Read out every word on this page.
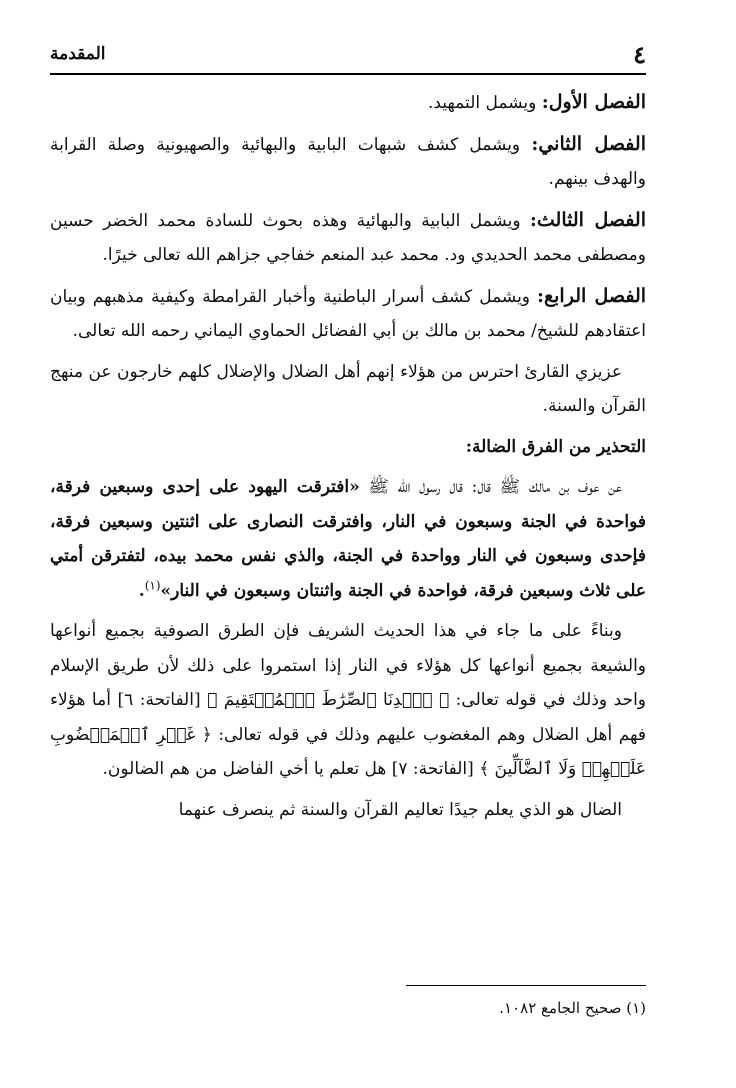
٤
المقدمة

الفصل الأول: ويشمل التمهيد.

الفصل الثاني: ويشمل كشف شبهات البابية والبهائية والصهيونية وصلة القرابة والهدف بينهم.

الفصل الثالث: ويشمل البابية والبهائية وهذه بحوث للسادة محمد الخضر حسين ومصطفى محمد الحديدي ود. محمد عبد المنعم خفاجي جزاهم الله تعالى خيرًا.

الفصل الرابع: ويشمل كشف أسرار الباطنية وأخبار القرامطة وكيفية مذهبهم وبيان اعتقادهم للشيخ/ محمد بن مالك بن أبي الفضائل الحماوي اليماني رحمه الله تعالى.

عزيزي القارئ احترس من هؤلاء إنهم أهل الضلال والإضلال كلهم خارجون عن منهج القرآن والسنة.

التحذير من الفرق الضالة:

عن عوف بن مالك ﷺ قال: قال رسول الله ﷺ «افترقت اليهود على إحدى وسبعين فرقة، فواحدة في الجنة وسبعون في النار، وافترقت النصارى على اثنتين وسبعين فرقة، فإحدى وسبعون في النار وواحدة في الجنة، والذي نفس محمد بيده، لتفترقن أمتي على ثلاث وسبعين فرقة، فواحدة في الجنة واثنتان وسبعون في النار»$^{(١)}$.

وبناءً على ما جاء في هذا الحديث الشريف فإن الطرق الصوفية بجميع أنواعها والشيعة بجميع أنواعها كل هؤلاء في النار إذا استمروا على ذلك لأن طريق الإسلام واحد وذلك في قوله تعالى: ﴿ ٱهۡدِنَا ٱلصِّرَٰطَ ٱلۡمُسۡتَقِيمَ ﴾ [الفاتحة: ٦] أما هؤلاء فهم أهل الضلال وهم المغضوب عليهم وذلك في قوله تعالى: ﴿ غَيۡرِ ٱلۡمَغۡضُوبِ عَلَيۡهِمۡ وَلَا ٱلضَّآلِّينَ ﴾ [الفاتحة: ٧] هل تعلم يا أخي الفاضل من هم الضالون.

الضال هو الذي يعلم جيدًا تعاليم القرآن والسنة ثم ينصرف عنهما

(١) صحيح الجامع ١٠٨٢.
